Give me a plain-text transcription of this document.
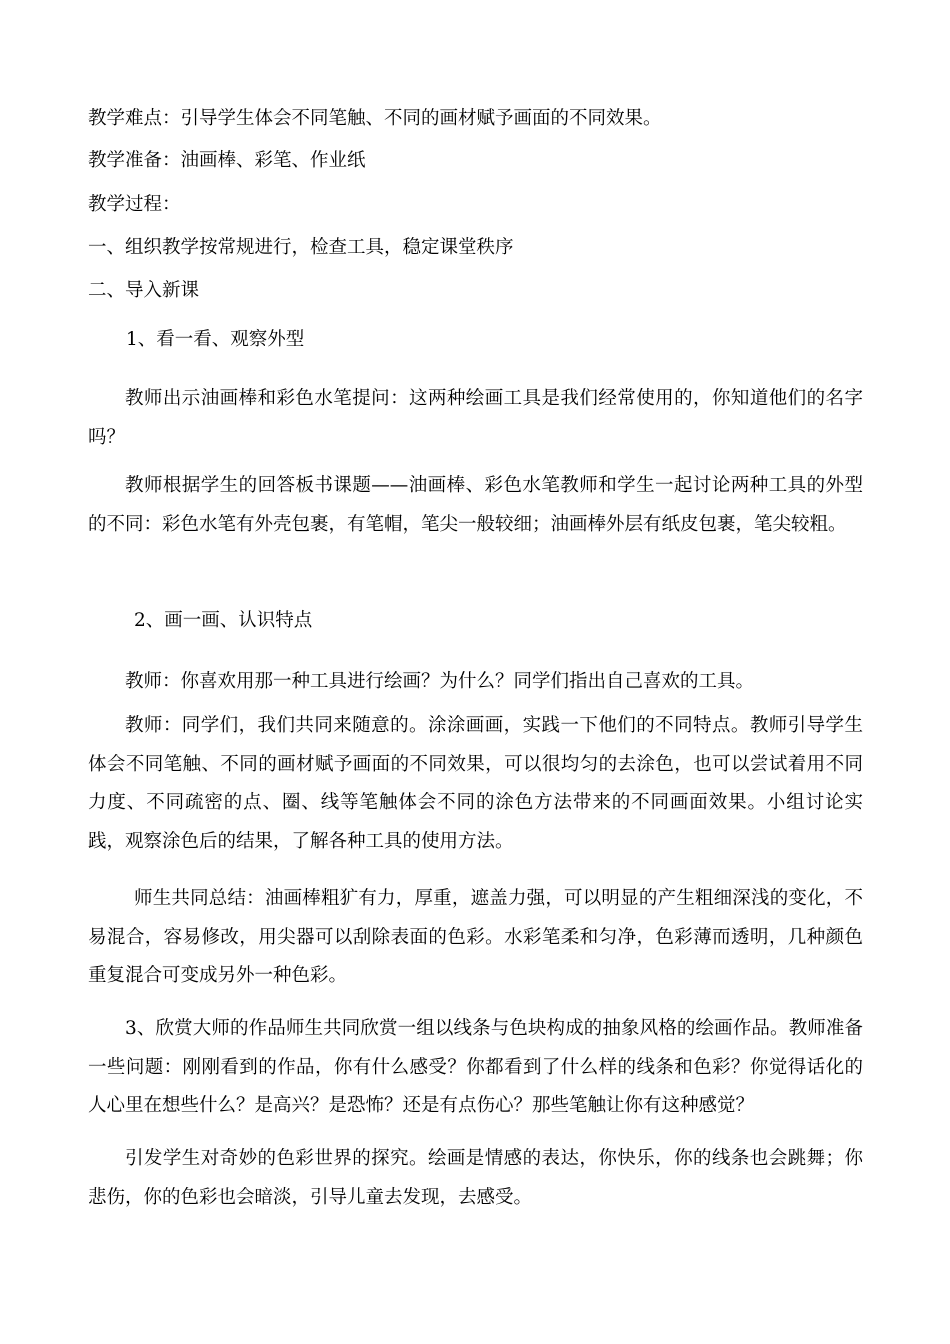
教学难点：引导学生体会不同笔触、不同的画材赋予画面的不同效果。
教学准备：油画棒、彩笔、作业纸
教学过程：
一、组织教学按常规进行，检查工具，稳定课堂秩序
二、导入新课
1、看一看、观察外型
教师出示油画棒和彩色水笔提问：这两种绘画工具是我们经常使用的，你知道他们的名字吗？
教师根据学生的回答板书课题——油画棒、彩色水笔教师和学生一起讨论两种工具的外型的不同：彩色水笔有外壳包裹，有笔帽，笔尖一般较细；油画棒外层有纸皮包裹，笔尖较粗。
2、画一画、认识特点
教师：你喜欢用那一种工具进行绘画？为什么？同学们指出自己喜欢的工具。
教师：同学们，我们共同来随意的。涂涂画画，实践一下他们的不同特点。教师引导学生体会不同笔触、不同的画材赋予画面的不同效果，可以很均匀的去涂色，也可以尝试着用不同力度、不同疏密的点、圈、线等笔触体会不同的涂色方法带来的不同画面效果。小组讨论实践，观察涂色后的结果，了解各种工具的使用方法。
师生共同总结：油画棒粗犷有力，厚重，遮盖力强，可以明显的产生粗细深浅的变化，不易混合，容易修改，用尖器可以刮除表面的色彩。水彩笔柔和匀净，色彩薄而透明，几种颜色重复混合可变成另外一种色彩。
3、欣赏大师的作品师生共同欣赏一组以线条与色块构成的抽象风格的绘画作品。教师准备一些问题：刚刚看到的作品，你有什么感受？你都看到了什么样的线条和色彩？你觉得话化的人心里在想些什么？是高兴？是恐怖？还是有点伤心？那些笔触让你有这种感觉？
引发学生对奇妙的色彩世界的探究。绘画是情感的表达，你快乐，你的线条也会跳舞；你悲伤，你的色彩也会暗淡，引导儿童去发现，去感受。
